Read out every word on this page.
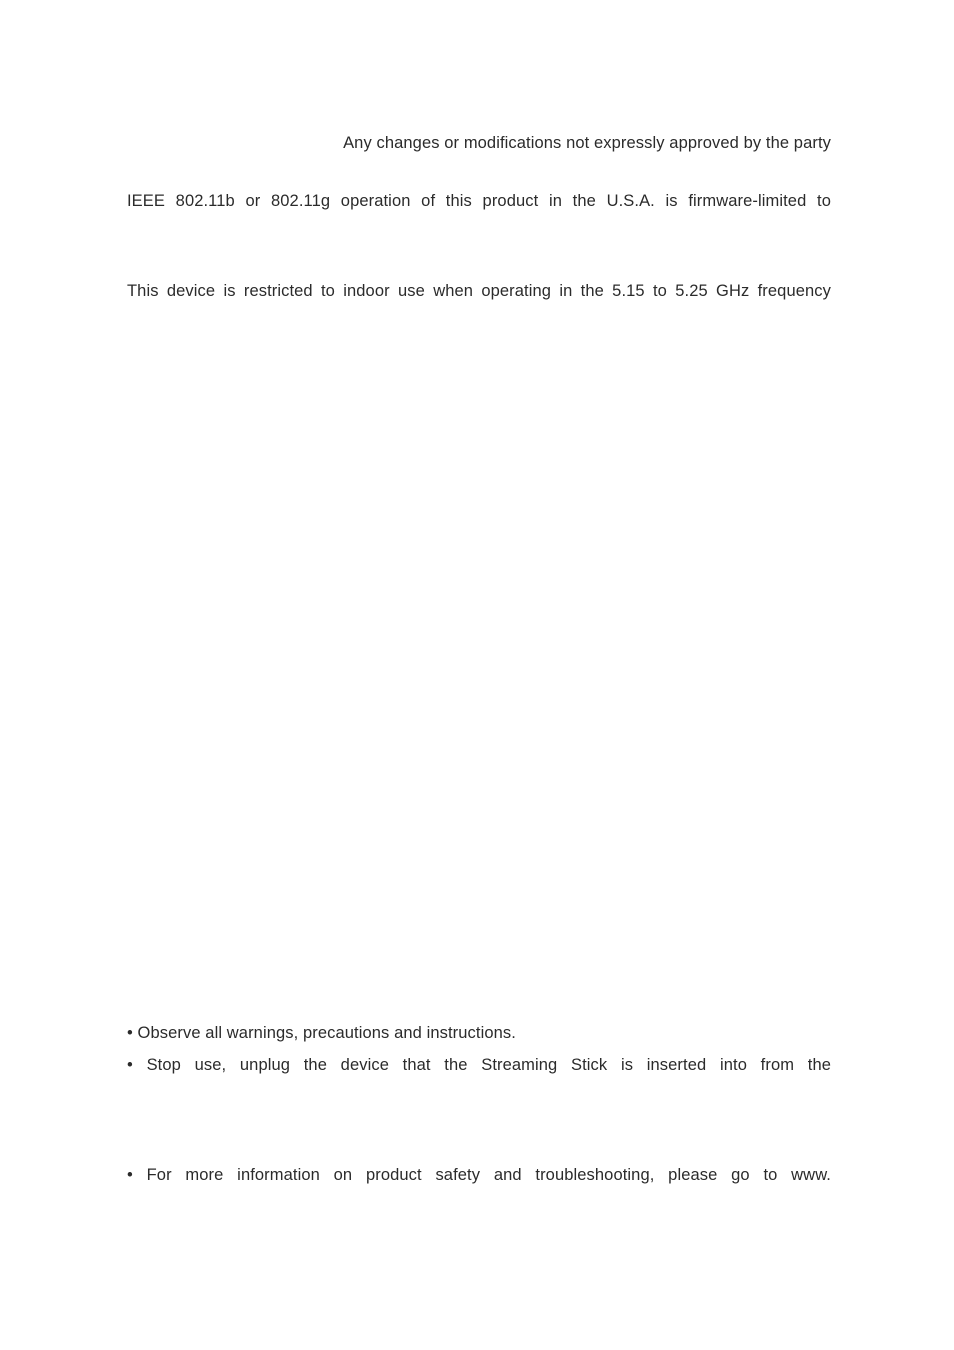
Any changes or modifications not expressly approved by the party
IEEE 802.11b or 802.11g operation of this product in the U.S.A. is firmware-limited to
This device is restricted to indoor use when operating in the 5.15 to 5.25 GHz frequency
• Observe all warnings, precautions and instructions.
• Stop use, unplug the device that the Streaming Stick is inserted into from the
• For more information on product safety and troubleshooting, please go to www.
